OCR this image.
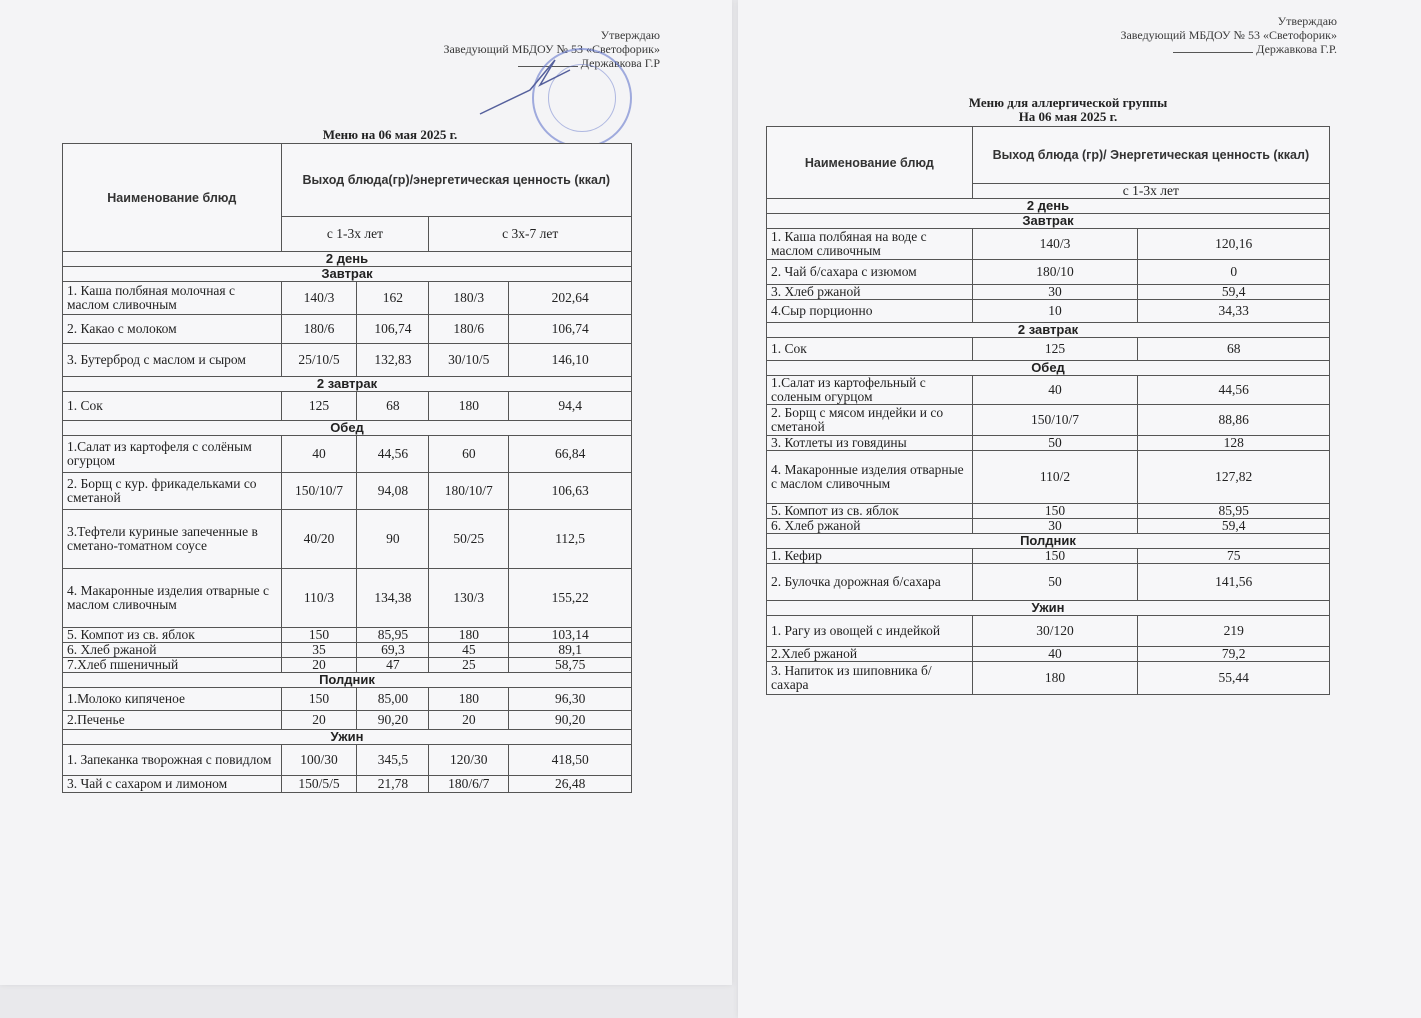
Утверждаю
Заведующий МБДОУ № 53 «Светофорик»
Державкова Г.Р
Меню на 06 мая 2025 г.
Наименование блюд	Выход блюда(гр)/энергетическая ценность (ккал)			
	с 1-3х лет		с 3х-7 лет	
2 день				
Завтрак				
1. Каша полбяная молочная с маслом сливочным	140/3	162	180/3	202,64
2. Какао с молоком	180/6	106,74	180/6	106,74
3. Бутерброд с маслом и сыром	25/10/5	132,83	30/10/5	146,10
2 завтрак				
1. Сок	125	68	180	94,4
Обед				
1.Салат из картофеля с солёным огурцом	40	44,56	60	66,84
2. Борщ с кур. фрикадельками со сметаной	150/10/7	94,08	180/10/7	106,63
3.Тефтели куриные запеченные в сметано-томатном соусе	40/20	90	50/25	112,5
4. Макаронные изделия отварные с маслом сливочным	110/3	134,38	130/3	155,22
5. Компот из св. яблок	150	85,95	180	103,14
6. Хлеб ржаной	35	69,3	45	89,1
7.Хлеб пшеничный	20	47	25	58,75
Полдник				
1.Молоко кипяченое	150	85,00	180	96,30
2.Печенье	20	90,20	20	90,20
Ужин				
1. Запеканка творожная с повидлом	100/30	345,5	120/30	418,50
3. Чай с сахаром и лимоном	150/5/5	21,78	180/6/7	26,48
Утверждаю
Заведующий МБДОУ № 53 «Светофорик»
Державкова Г.Р.
Меню для аллергической группы
На 06 мая 2025 г.
Наименование блюд	Выход блюда (гр)/ Энергетическая ценность (ккал)	
	с 1-3х лет	
2 день		
Завтрак		
1. Каша полбяная на воде с маслом сливочным	140/3	120,16
2. Чай б/сахара с изюмом	180/10	0
3. Хлеб ржаной	30	59,4
4.Сыр порционно	10	34,33
2 завтрак		
1. Сок	125	68
Обед		
1.Салат из картофельный с соленым огурцом	40	44,56
2. Борщ с мясом индейки и со сметаной	150/10/7	88,86
3. Котлеты из говядины	50	128
4. Макаронные изделия отварные с маслом сливочным	110/2	127,82
5. Компот из св. яблок	150	85,95
6. Хлеб ржаной	30	59,4
Полдник		
1. Кефир	150	75
2. Булочка дорожная б/сахара	50	141,56
Ужин		
1. Рагу из овощей с индейкой	30/120	219
2.Хлеб ржаной	40	79,2
3. Напиток из шиповника б/сахара	180	55,44
